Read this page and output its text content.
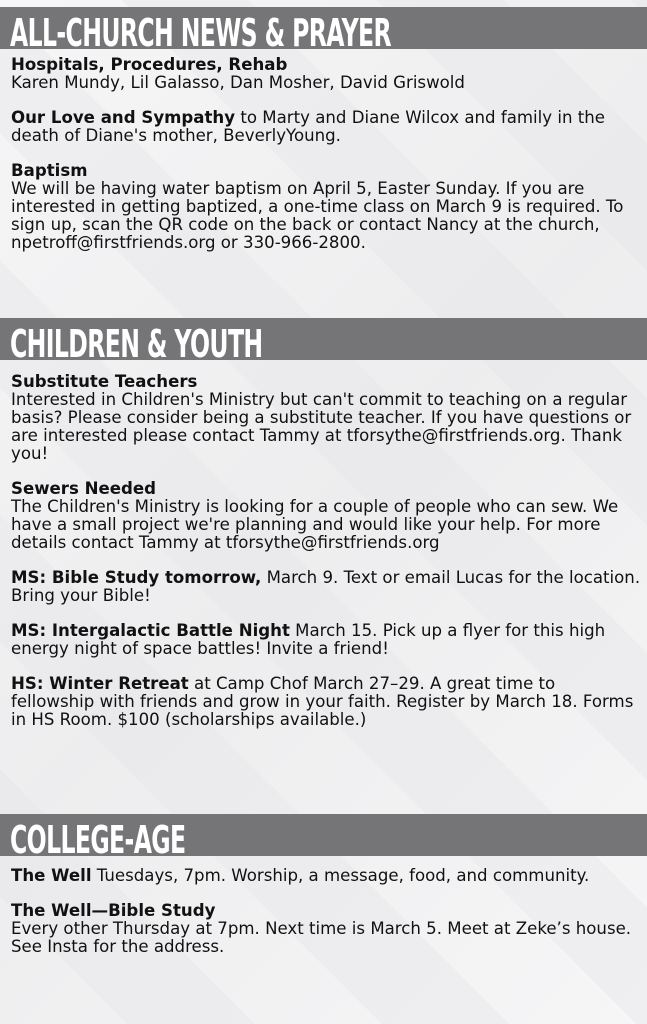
ALL-CHURCH NEWS & PRAYER
Hospitals, Procedures, Rehab
Karen Mundy, Lil Galasso, Dan Mosher, David Griswold
Our Love and Sympathy to Marty and Diane Wilcox and family in the death of Diane's mother, BeverlyYoung.
Baptism
We will be having water baptism on April 5, Easter Sunday. If you are interested in getting baptized, a one-time class on March 9 is required. To sign up, scan the QR code on the back or contact Nancy at the church, npetroff@firstfriends.org or 330-966-2800.
CHILDREN & YOUTH
Substitute Teachers
Interested in Children's Ministry but can't commit to teaching on a regular basis? Please consider being a substitute teacher. If you have questions or are interested please contact Tammy at tforsythe@firstfriends.org. Thank you!
Sewers Needed
The Children's Ministry is looking for a couple of people who can sew. We have a small project we're planning and would like your help. For more details contact Tammy at tforsythe@firstfriends.org
MS: Bible Study tomorrow, March 9. Text or email Lucas for the location. Bring your Bible!
MS: Intergalactic Battle Night March 15. Pick up a flyer for this high energy night of space battles! Invite a friend!
HS: Winter Retreat at Camp Chof March 27–29. A great time to fellowship with friends and grow in your faith. Register by March 18. Forms in HS Room. $100 (scholarships available.)
COLLEGE-AGE
The Well Tuesdays, 7pm. Worship, a message, food, and community.
The Well—Bible Study
Every other Thursday at 7pm. Next time is March 5. Meet at Zeke’s house. See Insta for the address.
